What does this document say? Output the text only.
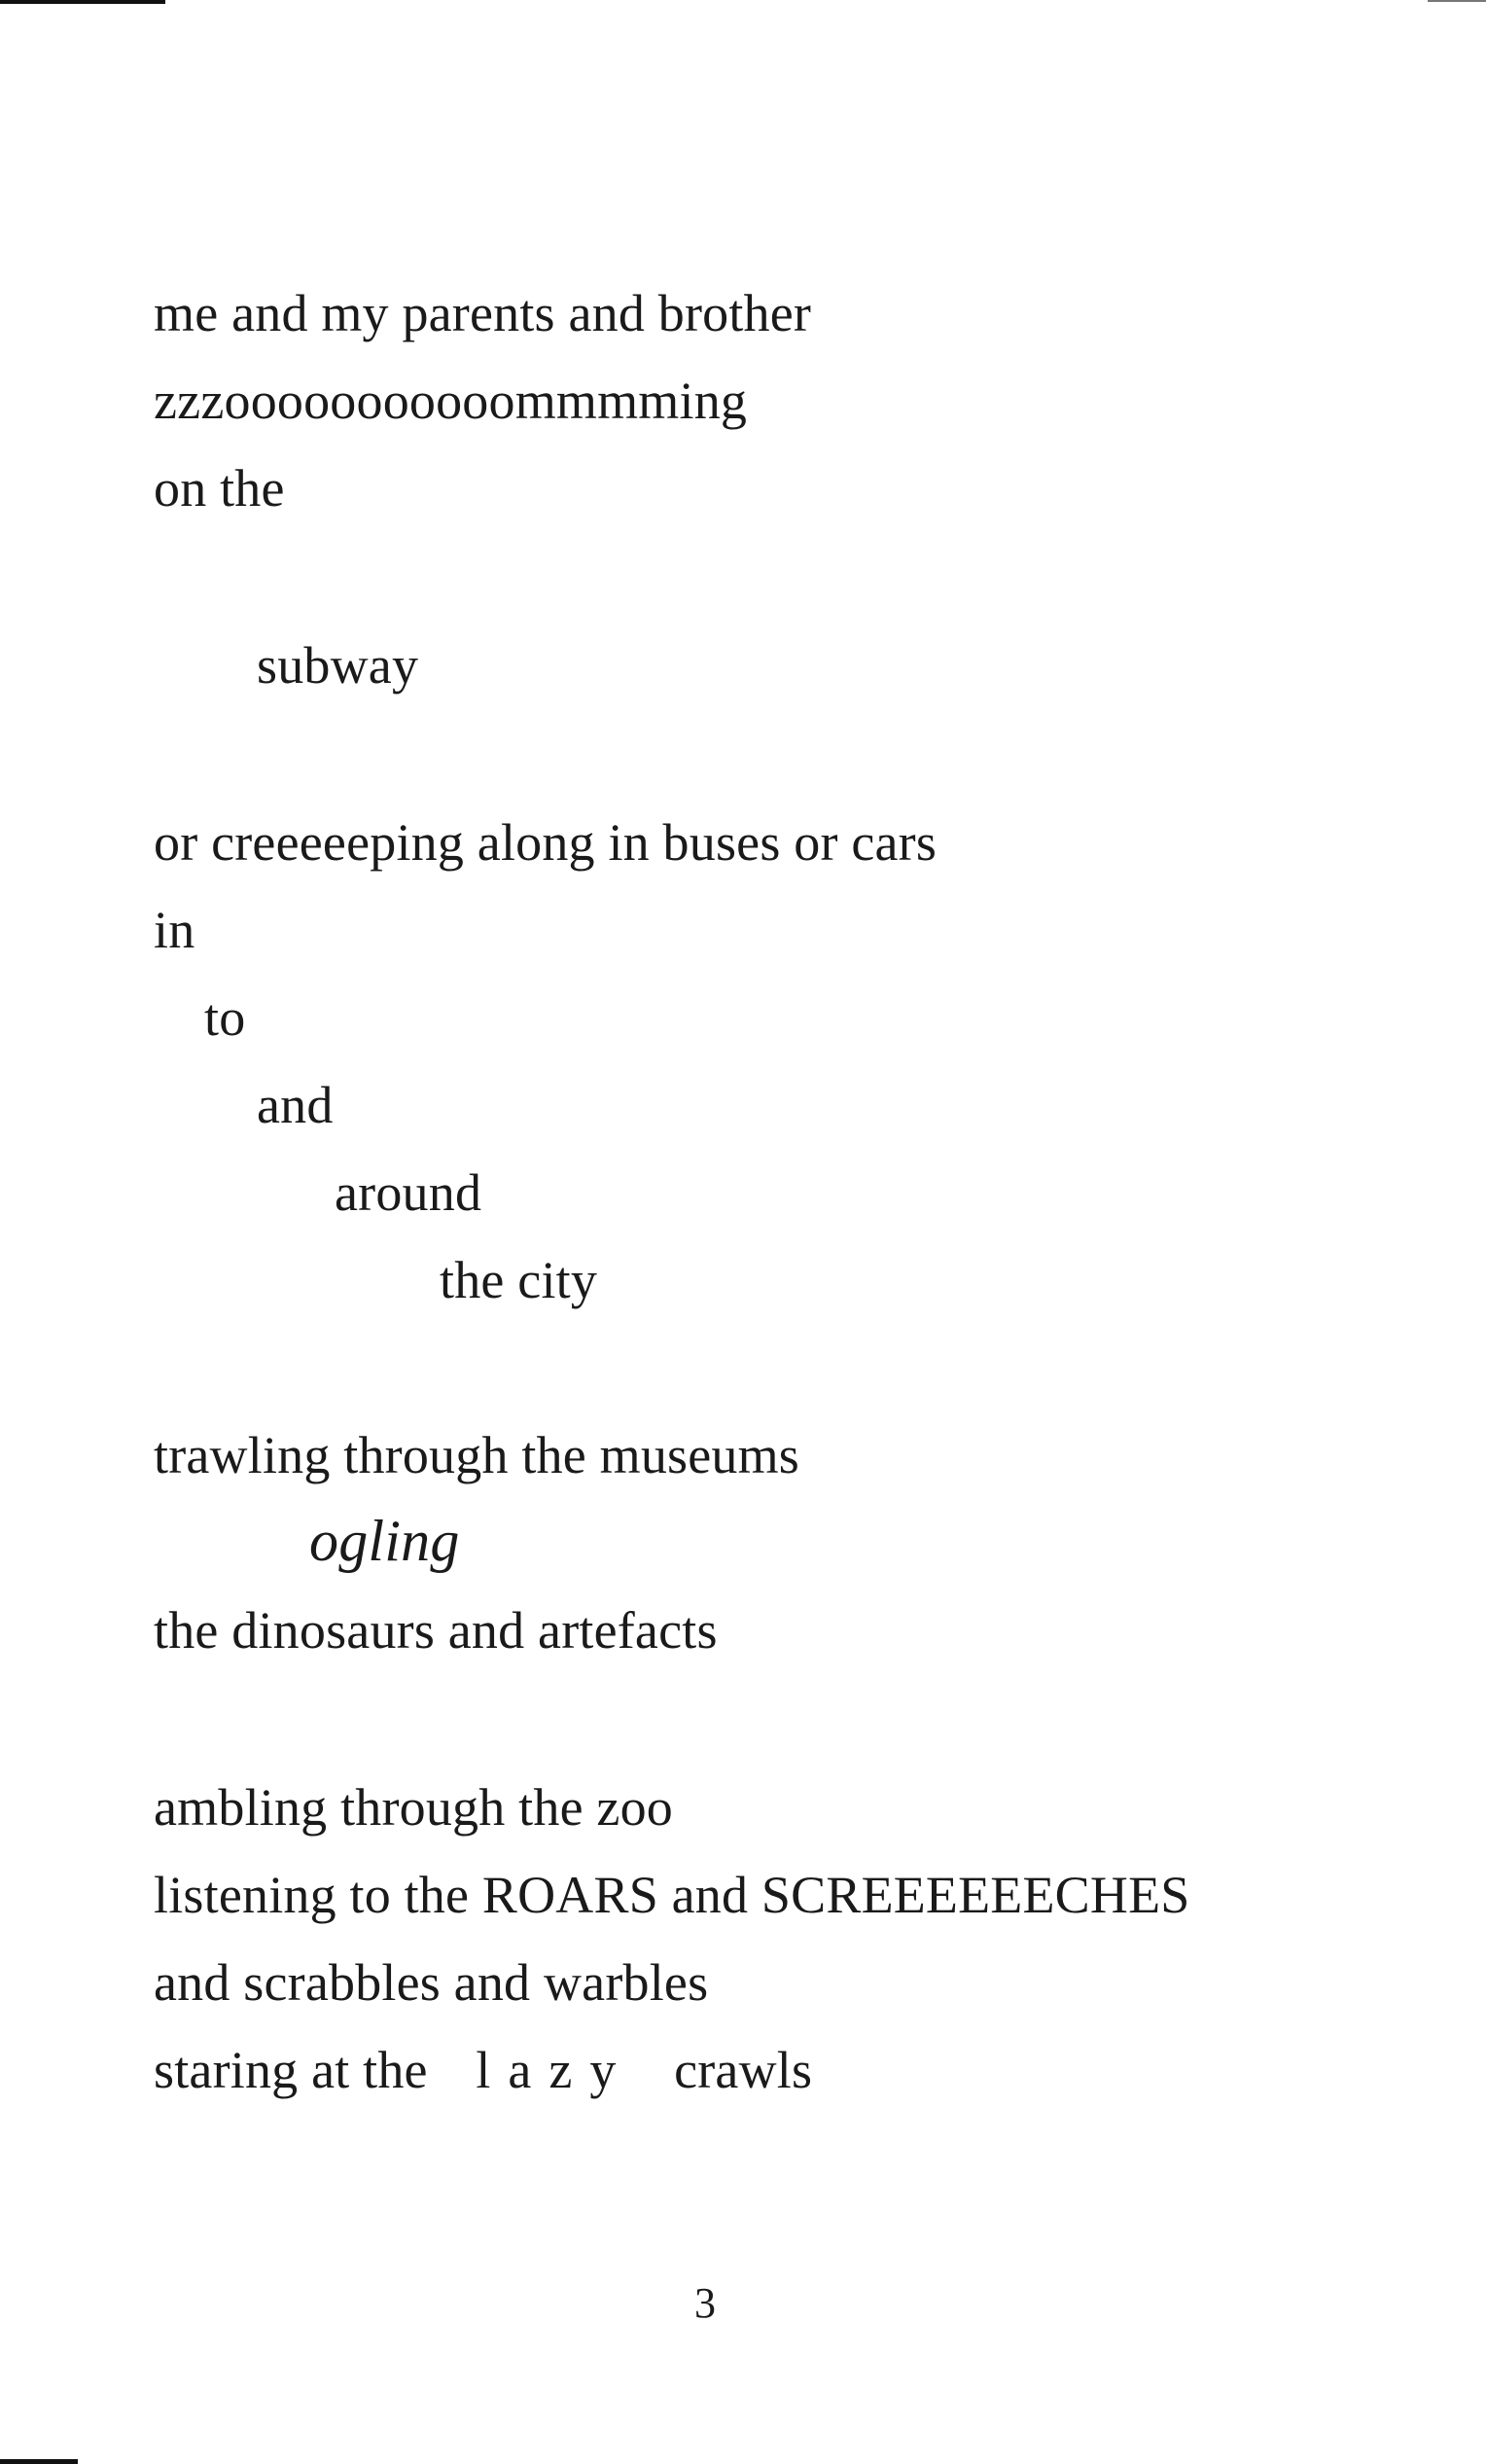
me and my parents and brother
zzzooooooooooommmming
on the
subway
or creeeeeping along in buses or cars
in
to
and
around
the city
trawling through the museums
ogling
the dinosaurs and artefacts
ambling through the zoo
listening to the ROARS and SCREEEEEECHES
and scrabbles and warbles
staring at the lazy crawls
3
